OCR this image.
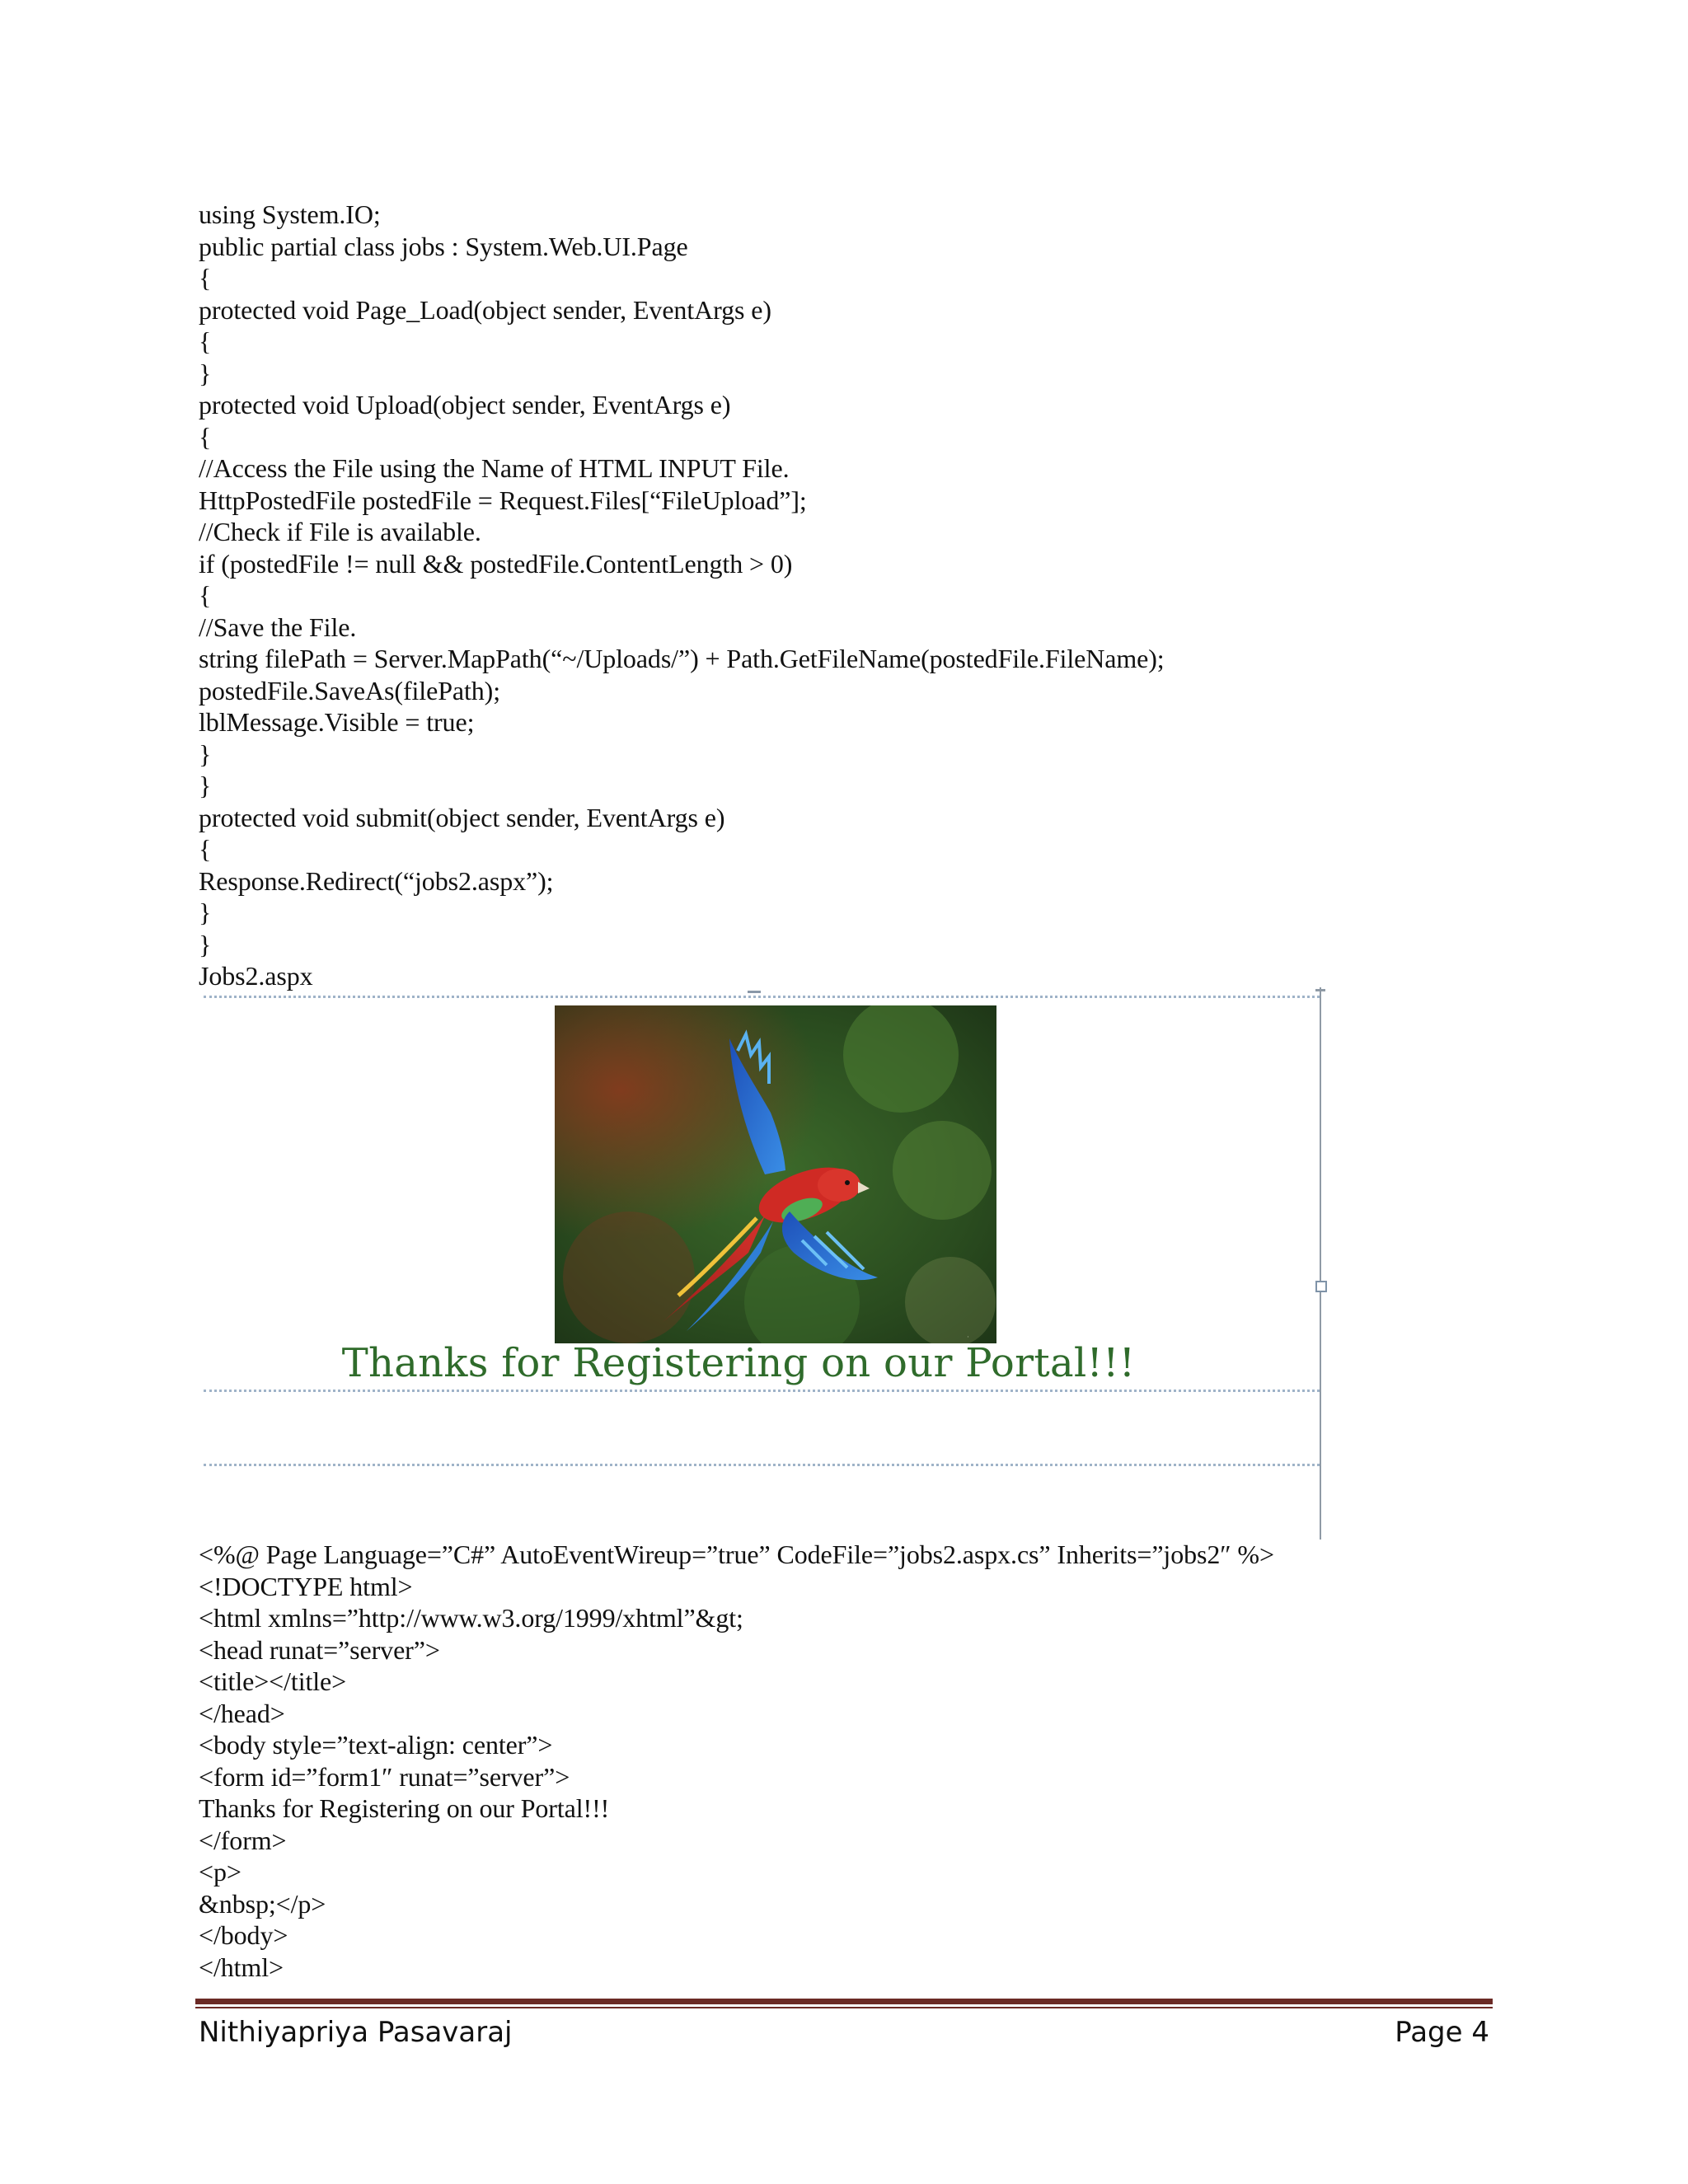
using System.IO;
public partial class jobs : System.Web.UI.Page
{
protected void Page_Load(object sender, EventArgs e)
{
}
protected void Upload(object sender, EventArgs e)
{
//Access the File using the Name of HTML INPUT File.
HttpPostedFile postedFile = Request.Files[“FileUpload”];
//Check if File is available.
if (postedFile != null && postedFile.ContentLength > 0)
{
//Save the File.
string filePath = Server.MapPath(“~/Uploads/”) + Path.GetFileName(postedFile.FileName);
postedFile.SaveAs(filePath);
lblMessage.Visible = true;
}
}
protected void submit(object sender, EventArgs e)
{
Response.Redirect(“jobs2.aspx”);
}
}
Jobs2.aspx
·
Thanks for Registering on our Portal!!!
<%@ Page Language=”C#” AutoEventWireup=”true” CodeFile=”jobs2.aspx.cs” Inherits=”jobs2″ %>
<!DOCTYPE html>
<html xmlns=”http://www.w3.org/1999/xhtml”&gt;
<head runat=”server”>
<title></title>
</head>
<body style=”text-align: center”>
<form id=”form1″ runat=”server”>
Thanks for Registering on our Portal!!!
</form>
<p>
&nbsp;</p>
</body>
</html>
Nithiyapriya Pasavaraj	Page 4
